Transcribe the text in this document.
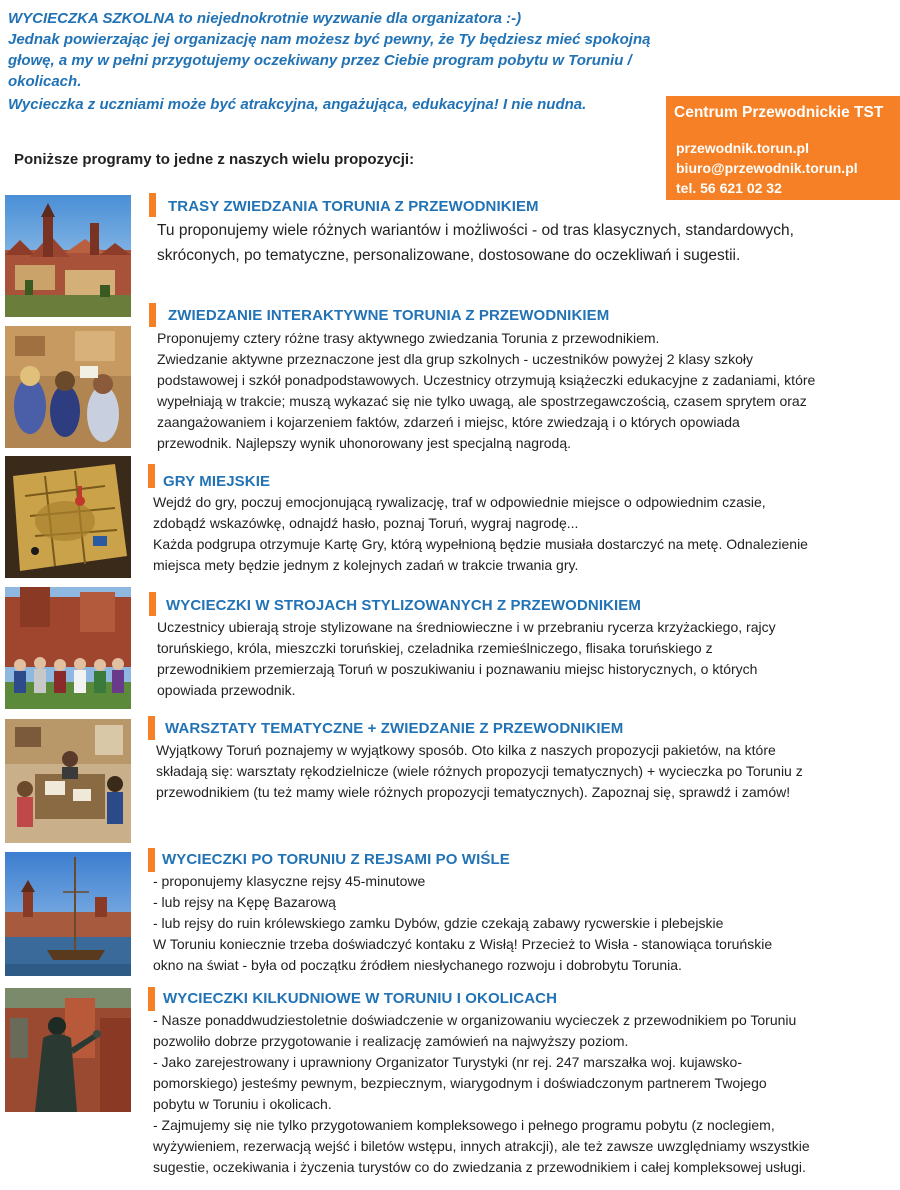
WYCIECZKA SZKOLNA to niejednokrotnie wyzwanie dla organizatora :-)

Jednak powierzając jej organizację nam możesz być pewny, że Ty będziesz mieć spokojną

głowę, a my w pełni przygotujemy oczekiwany przez Ciebie program pobytu w Toruniu /

okolicach.

Wycieczka z uczniami może być atrakcyjna, angażująca, edukacyjna! I nie nudna.	Centrum Przewodnickie TST
przewodnik.torun.pl
biuro@przewodnik.torun.pl
tel. 56 621 02 32
Poniższe programy to jedne z naszych wielu propozycji:
TRASY ZWIEDZANIA TORUNIA Z PRZEWODNIKIEM
Tu proponujemy wiele różnych wariantów i możliwości - od tras klasycznych, standardowych,
skróconych, po tematyczne, personalizowane, dostosowane do oczekliwań i sugestii.
ZWIEDZANIE INTERAKTYWNE TORUNIA Z PRZEWODNIKIEM
Proponujemy cztery różne trasy aktywnego zwiedzania Torunia z przewodnikiem.
Zwiedzanie aktywne przeznaczone jest dla grup szkolnych - uczestników powyżej 2 klasy szkoły
podstawowej i szkół ponadpodstawowych. Uczestnicy otrzymują książeczki edukacyjne z zadaniami, które
wypełniają w trakcie; muszą wykazać się nie tylko uwagą, ale spostrzegawczością, czasem sprytem oraz
zaangażowaniem i kojarzeniem faktów, zdarzeń i miejsc, które zwiedzają i o których opowiada
przewodnik. Najlepszy wynik uhonorowany jest specjalną nagrodą.
GRY MIEJSKIE
Wejdź do gry, poczuj emocjonującą rywalizację, traf w odpowiednie miejsce o odpowiednim czasie,
zdobądź wskazówkę, odnajdź hasło, poznaj Toruń, wygraj nagrodę...
Każda podgrupa otrzymuje Kartę Gry, którą wypełnioną będzie musiała dostarczyć na metę. Odnalezienie
miejsca mety będzie jednym z kolejnych zadań w trakcie trwania gry.
WYCIECZKI W STROJACH STYLIZOWANYCH Z PRZEWODNIKIEM
Uczestnicy ubierają stroje stylizowane na średniowieczne i w przebraniu rycerza krzyżackiego, rajcy
toruńskiego, króla, mieszczki toruńskiej, czeladnika rzemieślniczego, flisaka toruńskiego z
przewodnikiem przemierzają Toruń w poszukiwaniu i poznawaniu miejsc historycznych, o których
opowiada przewodnik.
WARSZTATY TEMATYCZNE + ZWIEDZANIE Z PRZEWODNIKIEM
Wyjątkowy Toruń poznajemy w wyjątkowy sposób. Oto kilka z naszych propozycji pakietów, na które
składają się: warsztaty rękodzielnicze (wiele różnych propozycji tematycznych) + wycieczka po Toruniu z
przewodnikiem (tu też mamy wiele różnych propozycji tematycznych). Zapoznaj się, sprawdź i zamów!
WYCIECZKI PO TORUNIU Z REJSAMI PO WIŚLE
- proponujemy klasyczne rejsy 45-minutowe
- lub rejsy na Kępę Bazarową
- lub rejsy do ruin królewskiego zamku Dybów, gdzie czekają zabawy rycwerskie i plebejskie
W Toruniu koniecznie trzeba doświadczyć kontaku z Wisłą! Przecież to Wisła - stanowiąca toruńskie
okno na świat - była od początku źródłem niesłychanego rozwoju i dobrobytu Torunia.
WYCIECZKI KILKUDNIOWE W TORUNIU I OKOLICACH
- Nasze ponaddwudziestoletnie doświadczenie w organizowaniu wycieczek z przewodnikiem po Toruniu
pozwoliło dobrze przygotowanie i realizację zamówień na najwyższy poziom.
- Jako zarejestrowany i uprawniony Organizator Turystyki (nr rej. 247 marszałka woj. kujawsko-
pomorskiego) jesteśmy pewnym, bezpiecznym, wiarygodnym i doświadczonym partnerem Twojego
pobytu w Toruniu i okolicach.
- Zajmujemy się nie tylko przygotowaniem kompleksowego i pełnego programu pobytu (z noclegiem,
wyżywieniem, rezerwacją wejść i biletów wstępu, innych atrakcji), ale też zawsze uwzględniamy wszystkie
sugestie, oczekiwania i życzenia turystów co do zwiedzania z przewodnikiem i całej kompleksowej usługi.
